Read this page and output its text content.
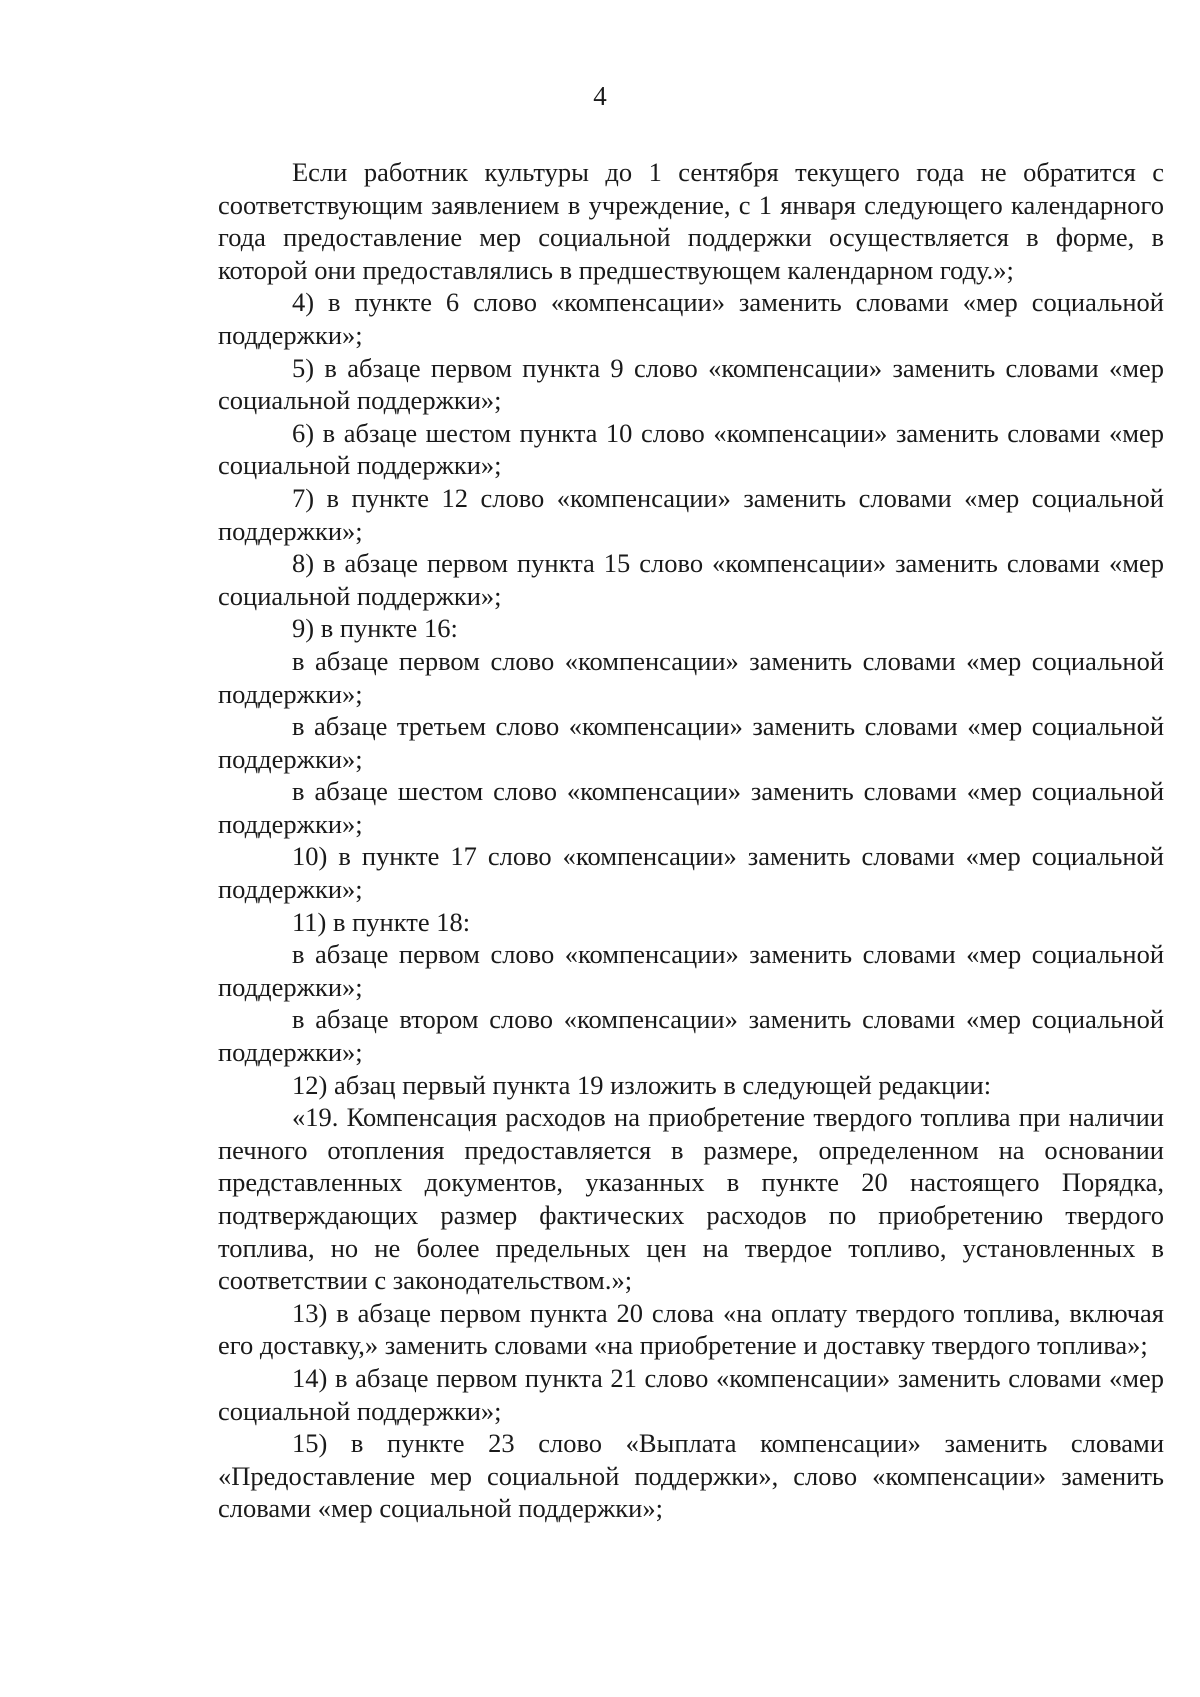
4

Если работник культуры до 1 сентября текущего года не обратится с соответствующим заявлением в учреждение, с 1 января следующего календарного года предоставление мер социальной поддержки осуществляется в форме, в которой они предоставлялись в предшествующем календарном году.»;

4) в пункте 6 слово «компенсации» заменить словами «мер социальной поддержки»;

5) в абзаце первом пункта 9 слово «компенсации» заменить словами «мер социальной поддержки»;

6) в абзаце шестом пункта 10 слово «компенсации» заменить словами «мер социальной поддержки»;

7) в пункте 12 слово «компенсации» заменить словами «мер социальной поддержки»;

8) в абзаце первом пункта 15 слово «компенсации» заменить словами «мер социальной поддержки»;

9) в пункте 16:

в абзаце первом слово «компенсации» заменить словами «мер социальной поддержки»;

в абзаце третьем слово «компенсации» заменить словами «мер социальной поддержки»;

в абзаце шестом слово «компенсации» заменить словами «мер социальной поддержки»;

10) в пункте 17 слово «компенсации» заменить словами «мер социальной поддержки»;

11) в пункте 18:

в абзаце первом слово «компенсации» заменить словами «мер социальной поддержки»;

в абзаце втором слово «компенсации» заменить словами «мер социальной поддержки»;

12) абзац первый пункта 19 изложить в следующей редакции:

«19. Компенсация расходов на приобретение твердого топлива при наличии печного отопления предоставляется в размере, определенном на основании представленных документов, указанных в пункте 20 настоящего Порядка, подтверждающих размер фактических расходов по приобретению твердого топлива, но не более предельных цен на твердое топливо, установленных в соответствии с законодательством.»;

13) в абзаце первом пункта 20 слова «на оплату твердого топлива, включая его доставку,» заменить словами «на приобретение и доставку твердого топлива»;

14) в абзаце первом пункта 21 слово «компенсации» заменить словами «мер социальной поддержки»;

15) в пункте 23 слово «Выплата компенсации» заменить словами «Предоставление мер социальной поддержки», слово «компенсации» заменить словами «мер социальной поддержки»;
